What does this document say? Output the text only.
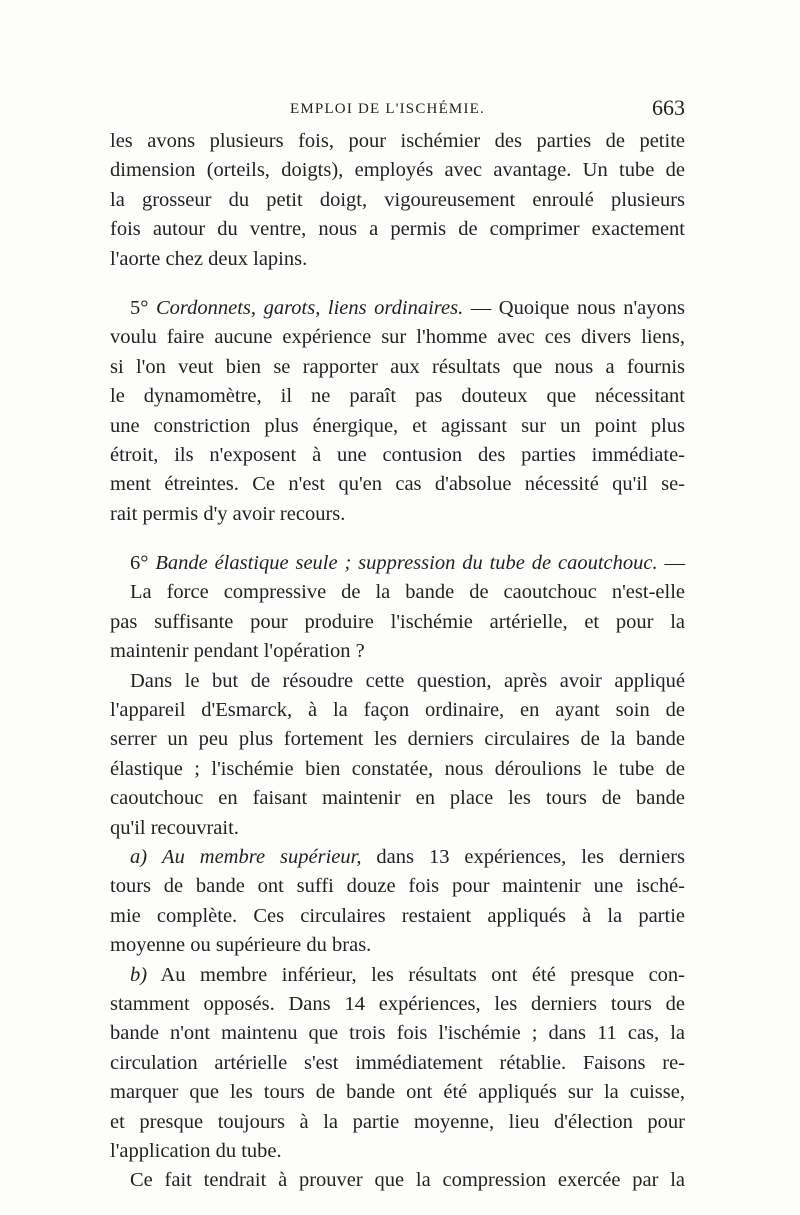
EMPLOI DE L'ISCHÉMIE.	663
les avons plusieurs fois, pour ischémier des parties de petite
dimension (orteils, doigts), employés avec avantage. Un tube de
la grosseur du petit doigt, vigoureusement enroulé plusieurs
fois autour du ventre, nous a permis de comprimer exactement
l'aorte chez deux lapins.
5° Cordonnets, garots, liens ordinaires. — Quoique nous n'ayons
voulu faire aucune expérience sur l'homme avec ces divers liens,
si l'on veut bien se rapporter aux résultats que nous a fournis
le dynamomètre, il ne paraît pas douteux que nécessitant
une constriction plus énergique, et agissant sur un point plus
étroit, ils n'exposent à une contusion des parties immédiate-
ment étreintes. Ce n'est qu'en cas d'absolue nécessité qu'il se-
rait permis d'y avoir recours.
6° Bande élastique seule ; suppression du tube de caoutchouc. —
La force compressive de la bande de caoutchouc n'est-elle
pas suffisante pour produire l'ischémie artérielle, et pour la
maintenir pendant l'opération ?
Dans le but de résoudre cette question, après avoir appliqué
l'appareil d'Esmarck, à la façon ordinaire, en ayant soin de
serrer un peu plus fortement les derniers circulaires de la bande
élastique ; l'ischémie bien constatée, nous déroulions le tube de
caoutchouc en faisant maintenir en place les tours de bande
qu'il recouvrait.
a) Au membre supérieur, dans 13 expériences, les derniers
tours de bande ont suffi douze fois pour maintenir une isché-
mie complète. Ces circulaires restaient appliqués à la partie
moyenne ou supérieure du bras.
b) Au membre inférieur, les résultats ont été presque con-
stamment opposés. Dans 14 expériences, les derniers tours de
bande n'ont maintenu que trois fois l'ischémie ; dans 11 cas, la
circulation artérielle s'est immédiatement rétablie. Faisons re-
marquer que les tours de bande ont été appliqués sur la cuisse,
et presque toujours à la partie moyenne, lieu d'élection pour
l'application du tube.
Ce fait tendrait à prouver que la compression exercée par la
